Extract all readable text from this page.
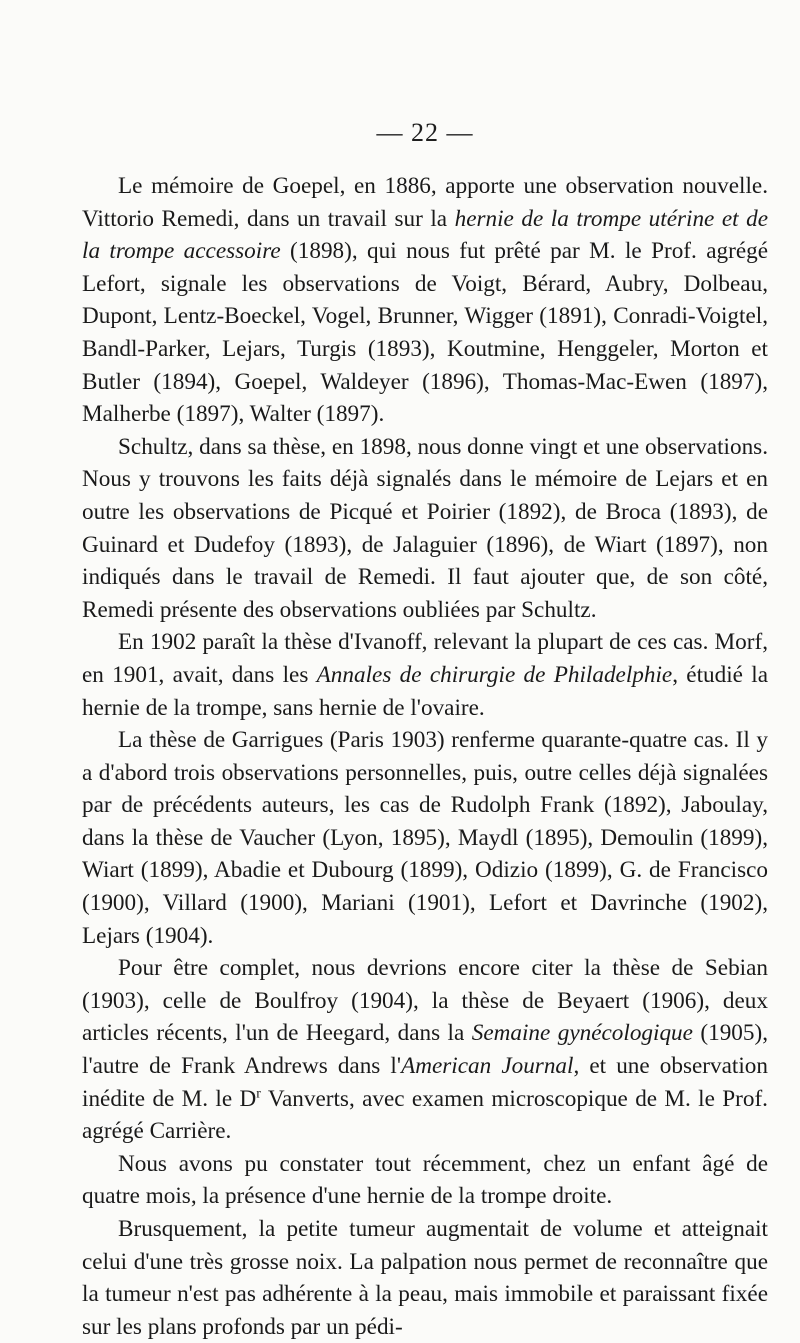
— 22 —

Le mémoire de Goepel, en 1886, apporte une observation nouvelle. Vittorio Remedi, dans un travail sur la hernie de la trompe utérine et de la trompe accessoire (1898), qui nous fut prêté par M. le Prof. agrégé Lefort, signale les observations de Voigt, Bérard, Aubry, Dolbeau, Dupont, Lentz-Boeckel, Vogel, Brunner, Wigger (1891), Conradi-Voigtel, Bandl-Parker, Lejars, Turgis (1893), Koutmine, Henggeler, Morton et Butler (1894), Goepel, Waldeyer (1896), Thomas-Mac-Ewen (1897), Malherbe (1897), Walter (1897).

Schultz, dans sa thèse, en 1898, nous donne vingt et une observations. Nous y trouvons les faits déjà signalés dans le mémoire de Lejars et en outre les observations de Picqué et Poirier (1892), de Broca (1893), de Guinard et Dudefoy (1893), de Jalaguier (1896), de Wiart (1897), non indiqués dans le travail de Remedi. Il faut ajouter que, de son côté, Remedi présente des observations oubliées par Schultz.

En 1902 paraît la thèse d'Ivanoff, relevant la plupart de ces cas. Morf, en 1901, avait, dans les Annales de chirurgie de Philadelphie, étudié la hernie de la trompe, sans hernie de l'ovaire.

La thèse de Garrigues (Paris 1903) renferme quarante-quatre cas. Il y a d'abord trois observations personnelles, puis, outre celles déjà signalées par de précédents auteurs, les cas de Rudolph Frank (1892), Jaboulay, dans la thèse de Vaucher (Lyon, 1895), Maydl (1895), Demoulin (1899), Wiart (1899), Abadie et Dubourg (1899), Odizio (1899), G. de Francisco (1900), Villard (1900), Mariani (1901), Lefort et Davrinche (1902), Lejars (1904).

Pour être complet, nous devrions encore citer la thèse de Sebian (1903), celle de Boulfroy (1904), la thèse de Beyaert (1906), deux articles récents, l'un de Heegard, dans la Semaine gynécologique (1905), l'autre de Frank Andrews dans l'American Journal, et une observation inédite de M. le $D^r$ Vanverts, avec examen microscopique de M. le Prof. agrégé Carrière.

Nous avons pu constater tout récemment, chez un enfant âgé de quatre mois, la présence d'une hernie de la trompe droite.

Brusquement, la petite tumeur augmentait de volume et atteignait celui d'une très grosse noix. La palpation nous permet de reconnaître que la tumeur n'est pas adhérente à la peau, mais immobile et paraissant fixée sur les plans profonds par un pédi-
